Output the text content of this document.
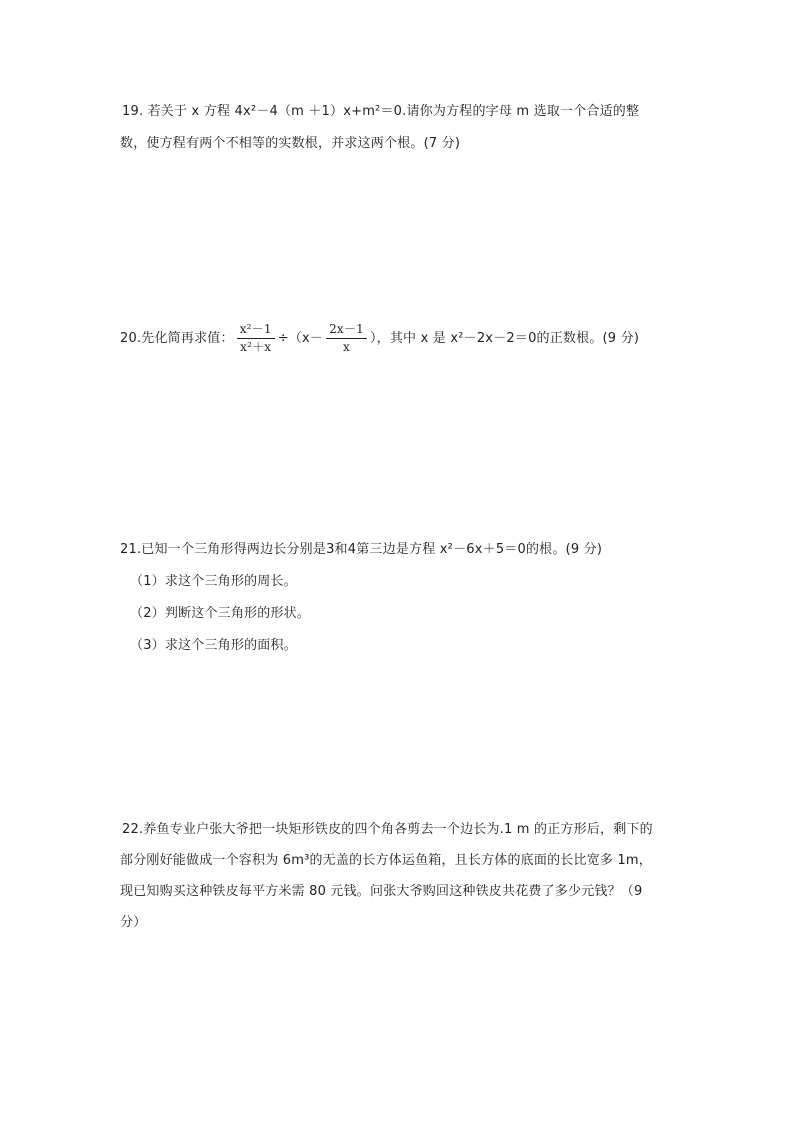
19. 若关于 x 方程 4x²－4（m ＋1）x+m²＝0.请你为方程的字母 m 选取一个合适的整

数，使方程有两个不相等的实数根，并求这两个根。(7 分)

20.先化简再求值： $\frac{\text{x²－1}}{\text{x²＋x}} \div(x- \frac{2x-1}{x}$ ），其中 x 是 x²－2x－2＝0的正数根。(9 分)

21.已知一个三角形得两边长分别是3和4第三边是方程 x²－6x＋5＝0的根。(9 分)

（1）求这个三角形的周长。

（2）判断这个三角形的形状。

（3）求这个三角形的面积。

22.养鱼专业户张大爷把一块矩形铁皮的四个角各剪去一个边长为.1 m 的正方形后，剩下的

部分刚好能做成一个容积为 6m³的无盖的长方体运鱼箱，且长方体的底面的长比宽多 1m，

现已知购买这种铁皮每平方米需 80 元钱。问张大爷购回这种铁皮共花费了多少元钱？（9

分）
